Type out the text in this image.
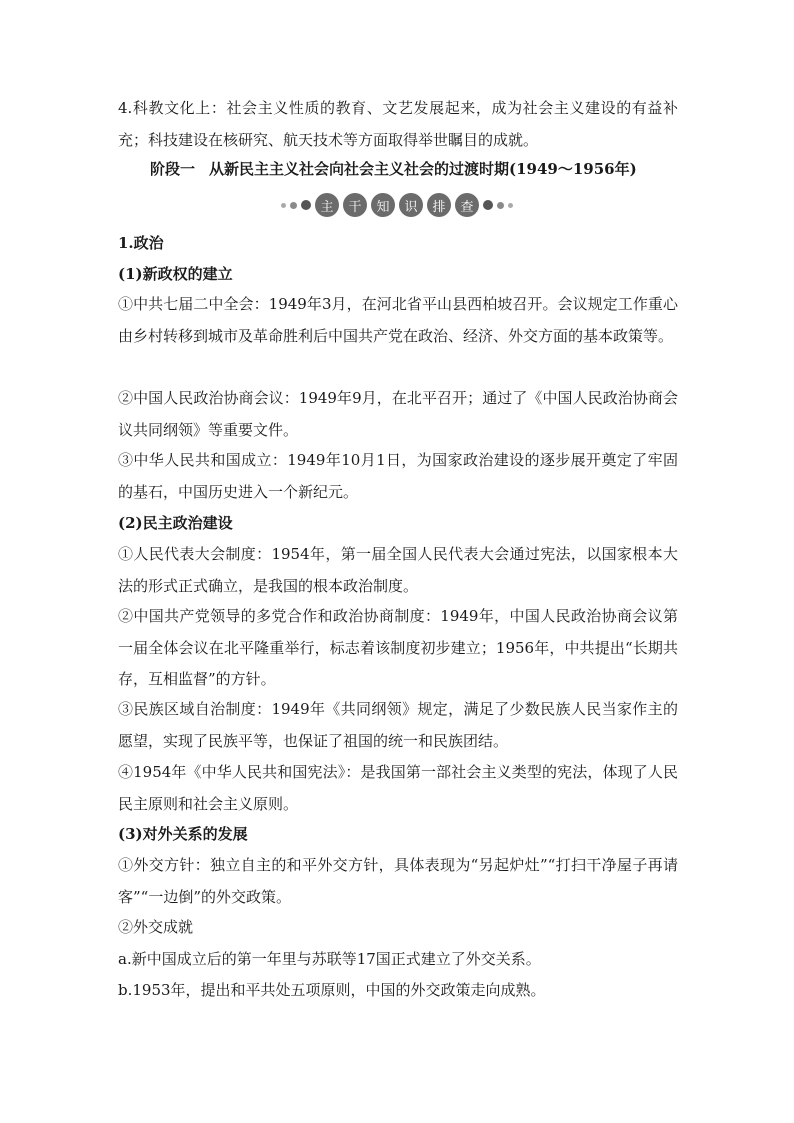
4.科教文化上：社会主义性质的教育、文艺发展起来，成为社会主义建设的有益补充；科技建设在核研究、航天技术等方面取得举世瞩目的成就。

阶段一 从新民主主义社会向社会主义社会的过渡时期(1949～1956年)
主	干	知	识	排	查

1.政治

(1)新政权的建立

①中共七届二中全会：1949年3月，在河北省平山县西柏坡召开。会议规定工作重心由乡村转移到城市及革命胜利后中国共产党在政治、经济、外交方面的基本政策等。

②中国人民政治协商会议：1949年9月，在北平召开；通过了《中国人民政治协商会议共同纲领》等重要文件。

③中华人民共和国成立：1949年10月1日，为国家政治建设的逐步展开奠定了牢固的基石，中国历史进入一个新纪元。

(2)民主政治建设

①人民代表大会制度：1954年，第一届全国人民代表大会通过宪法，以国家根本大法的形式正式确立，是我国的根本政治制度。

②中国共产党领导的多党合作和政治协商制度：1949年，中国人民政治协商会议第一届全体会议在北平隆重举行，标志着该制度初步建立；1956年，中共提出“长期共存，互相监督”的方针。

③民族区域自治制度：1949年《共同纲领》规定，满足了少数民族人民当家作主的愿望，实现了民族平等，也保证了祖国的统一和民族团结。

④1954年《中华人民共和国宪法》：是我国第一部社会主义类型的宪法，体现了人民民主原则和社会主义原则。

(3)对外关系的发展

①外交方针：独立自主的和平外交方针，具体表现为“另起炉灶”“打扫干净屋子再请客”“一边倒”的外交政策。

②外交成就

a.新中国成立后的第一年里与苏联等17国正式建立了外交关系。

b.1953年，提出和平共处五项原则，中国的外交政策走向成熟。
